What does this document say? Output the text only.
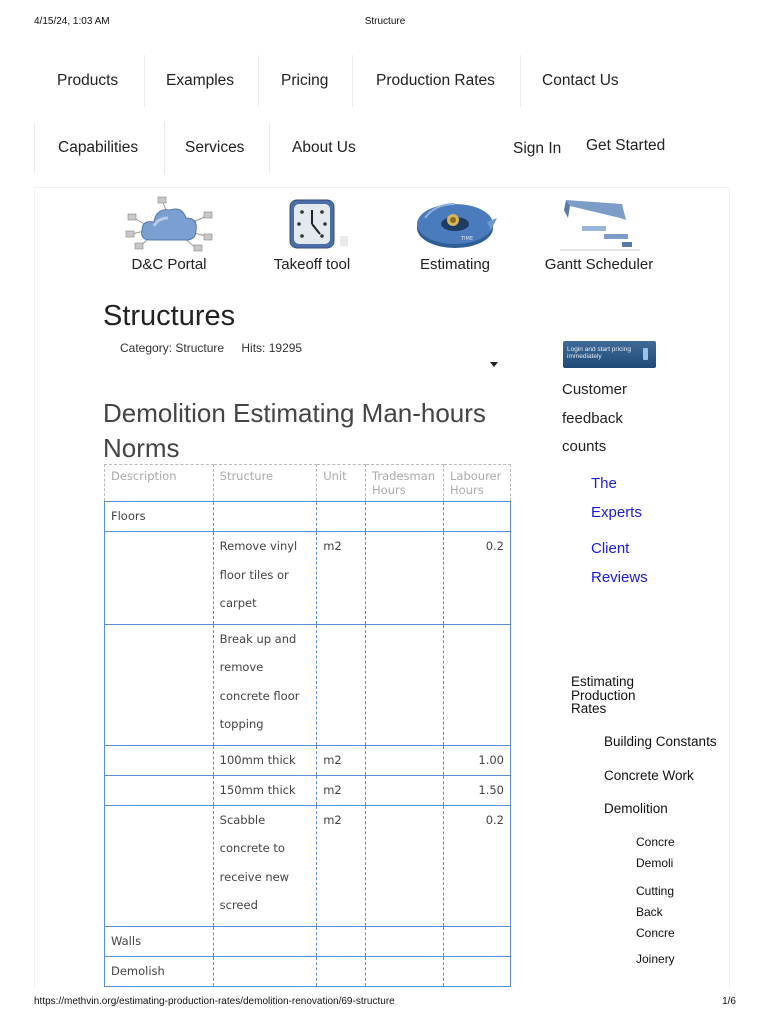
4/15/24, 1:03 AM	Structure
Products	Examples	Pricing	Production Rates	Contact Us
Capabilities	Services	About Us	Sign In Get Started
D&C Portal	Takeoff tool
TIME
Estimating	Gantt Scheduler
Structures
Category: Structure Hits: 19295
Demolition Estimating Man-hours Norms
Description	Structure	Unit	Tradesman Hours	Labourer Hours
Floors				
	Remove vinyl floor tiles or carpet	m2		0.2
	Break up and remove concrete floor topping			
	100mm thick	m2		1.00
	150mm thick	m2		1.50
	Scabble concrete to receive new screed	m2		0.2
Walls				
Demolish				
Login and start pricing immediately
Customer
feedback
counts
The Experts
Client Reviews
Estimating Production Rates
Building Constants
Concrete Work
Demolition
Concre
Demoli
Cutting
Back
Concre
Joinery
https://methvin.org/estimating-production-rates/demolition-renovation/69-structure	1/6
